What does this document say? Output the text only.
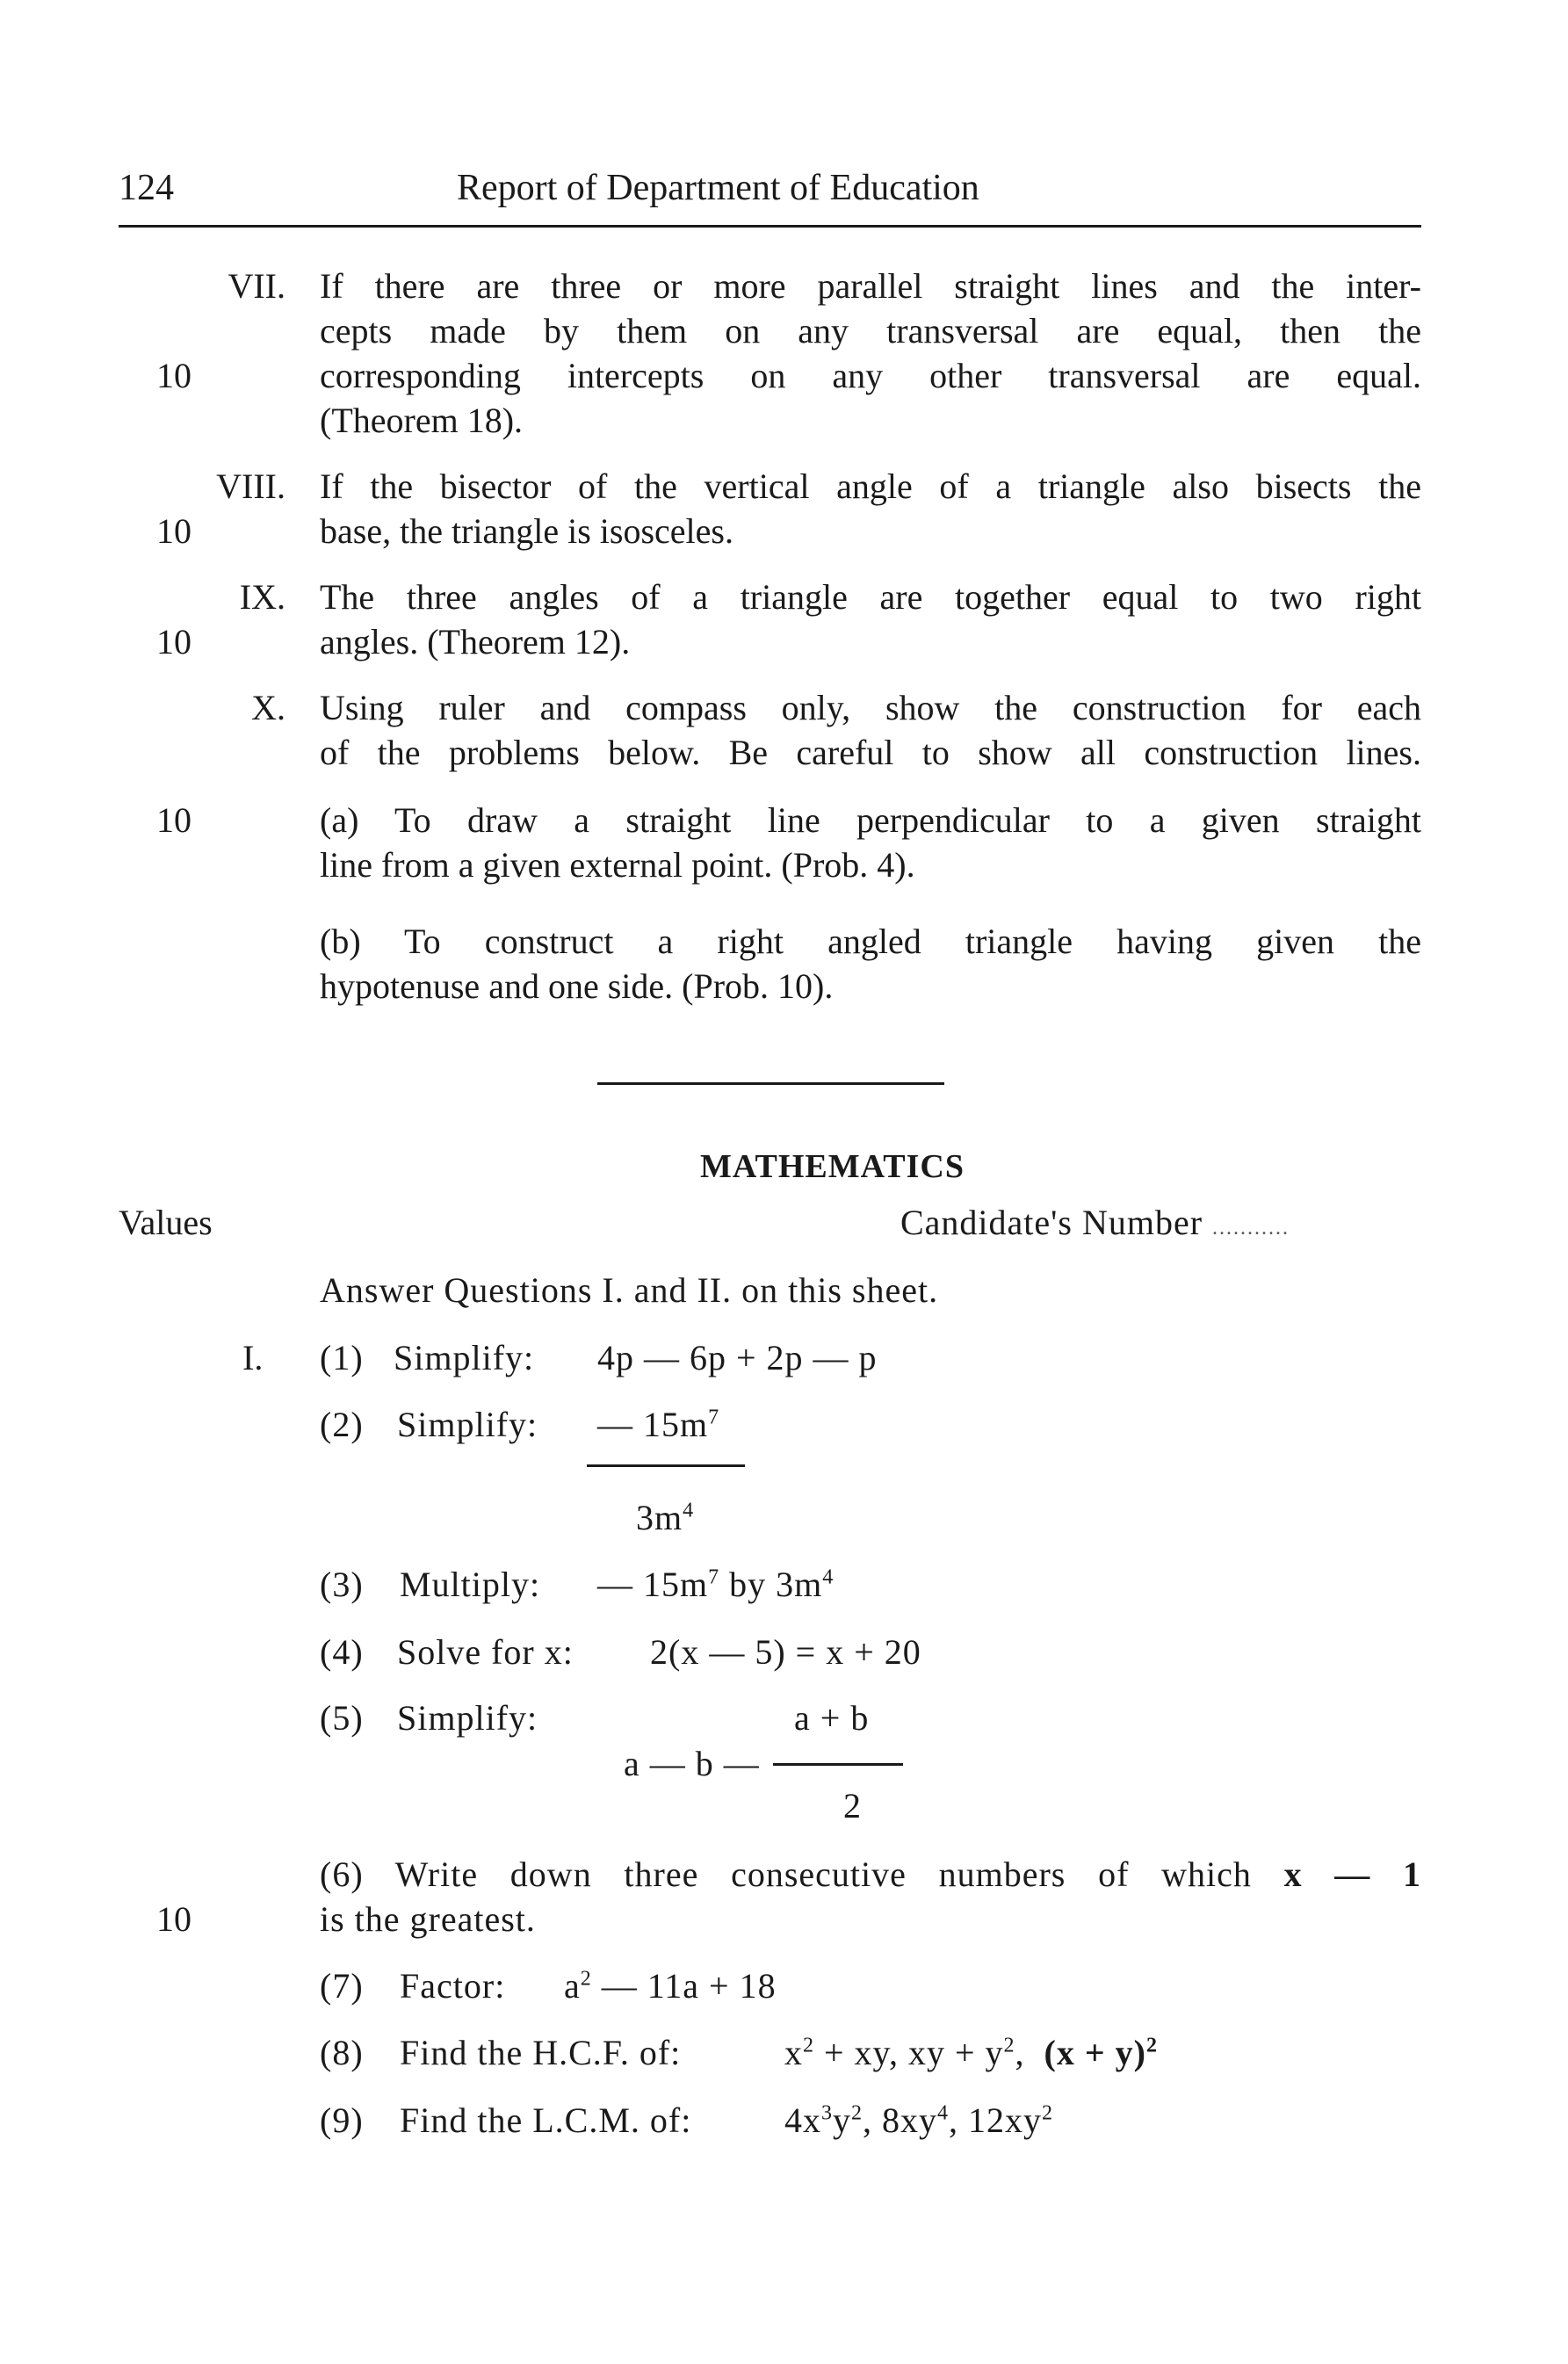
124	Report of Department of Education
VII.
10
If there are three or more parallel straight lines and the inter-
cepts made by them on any transversal are equal, then the
corresponding intercepts on any other transversal are equal.
(Theorem 18).
VIII.
10
If the bisector of the vertical angle of a triangle also bisects the
base, the triangle is isosceles.
IX.
10
The three angles of a triangle are together equal to two right
angles. (Theorem 12).
X. Using ruler and compass only, show the construction for each
of the problems below. Be careful to show all construction lines.
10	(a) To draw a straight line perpendicular to a given straight
line from a given external point. (Prob. 4).
(b) To construct a right angled triangle having given the
hypotenuse and one side. (Prob. 10).
MATHEMATICS
Values	Candidate's Number ...........
Answer Questions I. and II. on this sheet.
I. (1) Simplify: 4p — 6p + 2p — p
(2) Simplify: — $15m^7$
$3m^4$
(3) Multiply: — $15m^7$ by $3m^4$
(4) Solve for x: 2(x — 5) = x + 20
(5) Simplify:	a + b
a — b —
2
10
(6) Write down three consecutive numbers of which x — 1
is the greatest.
(7) Factor: $a^2$ — 11a + 18
(8) Find the H.C.F. of:	$x^2$ + xy, xy + $y^2$, $(x + y)^2$
(9) Find the L.C.M. of:	$4x^3y^2$, $8xy^4$, $12xy^2$
